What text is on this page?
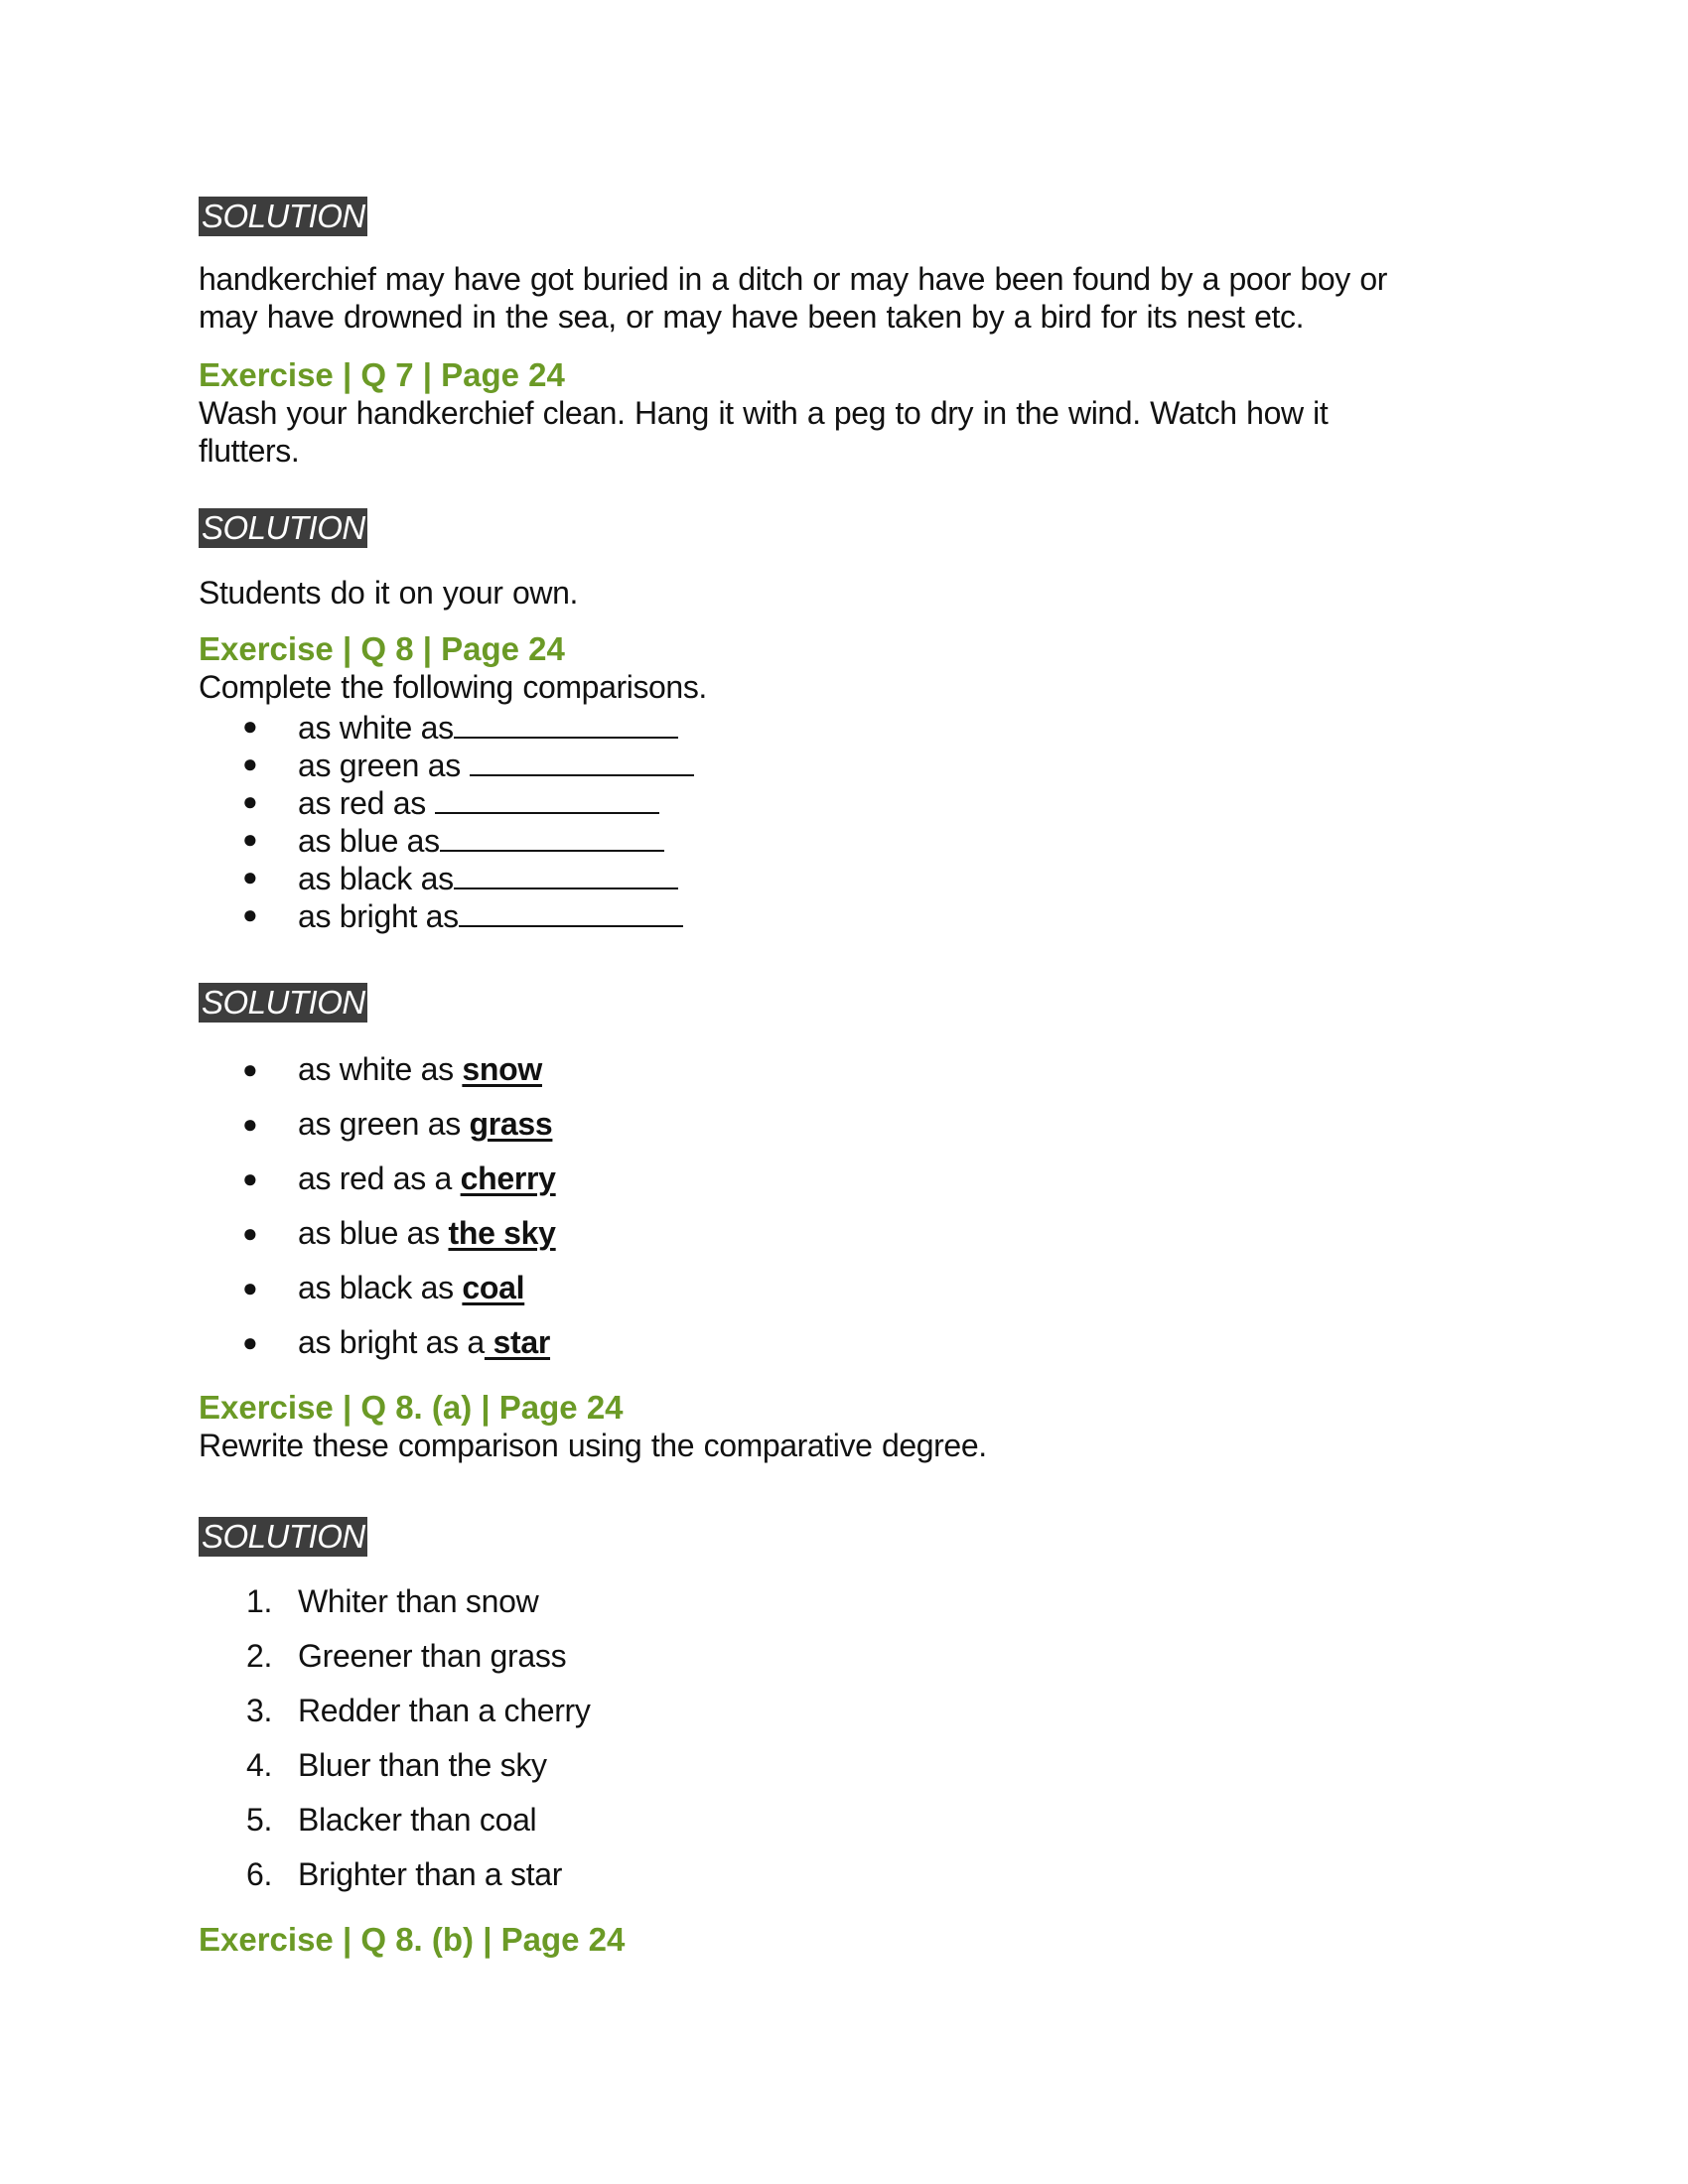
SOLUTION
handkerchief may have got buried in a ditch or may have been found by a poor boy or
may have drowned in the sea, or may have been taken by a bird for its nest etc.
Exercise | Q 7 | Page 24
Wash your handkerchief clean. Hang it with a peg to dry in the wind. Watch how it
flutters.
SOLUTION
Students do it on your own.
Exercise | Q 8 | Page 24
Complete the following comparisons.
● as white as
● as green as
● as red as
● as blue as
● as black as
● as bright as
SOLUTION
● as white as snow
● as green as grass
● as red as a cherry
● as blue as the sky
● as black as coal
● as bright as a star
Exercise | Q 8. (a) | Page 24
Rewrite these comparison using the comparative degree.
SOLUTION
1. Whiter than snow
2. Greener than grass
3. Redder than a cherry
4. Bluer than the sky
5. Blacker than coal
6. Brighter than a star
Exercise | Q 8. (b) | Page 24
